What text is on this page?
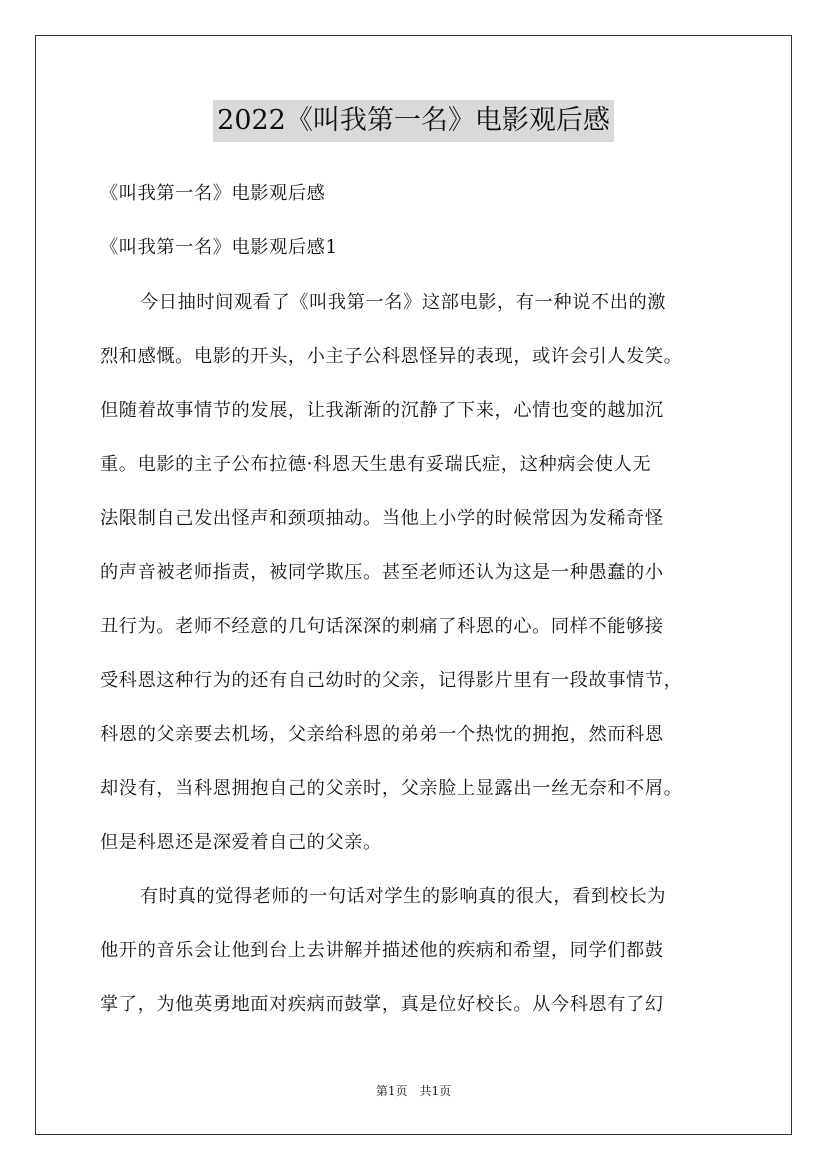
2022《叫我第一名》电影观后感
《叫我第一名》电影观后感
《叫我第一名》电影观后感1
今日抽时间观看了《叫我第一名》这部电影，有一种说不出的激
烈和感慨。电影的开头，小主子公科恩怪异的表现，或许会引人发笑。
但随着故事情节的发展，让我渐渐的沉静了下来，心情也变的越加沉
重。电影的主子公布拉德·科恩天生患有妥瑞氏症，这种病会使人无
法限制自己发出怪声和颈项抽动。当他上小学的时候常因为发稀奇怪
的声音被老师指责，被同学欺压。甚至老师还认为这是一种愚蠢的小
丑行为。老师不经意的几句话深深的刺痛了科恩的心。同样不能够接
受科恩这种行为的还有自己幼时的父亲，记得影片里有一段故事情节，
科恩的父亲要去机场，父亲给科恩的弟弟一个热忱的拥抱，然而科恩
却没有，当科恩拥抱自己的父亲时，父亲脸上显露出一丝无奈和不屑。
但是科恩还是深爱着自己的父亲。
有时真的觉得老师的一句话对学生的影响真的很大，看到校长为
他开的音乐会让他到台上去讲解并描述他的疾病和希望，同学们都鼓
掌了，为他英勇地面对疾病而鼓掌，真是位好校长。从今科恩有了幻
第1页　共1页
